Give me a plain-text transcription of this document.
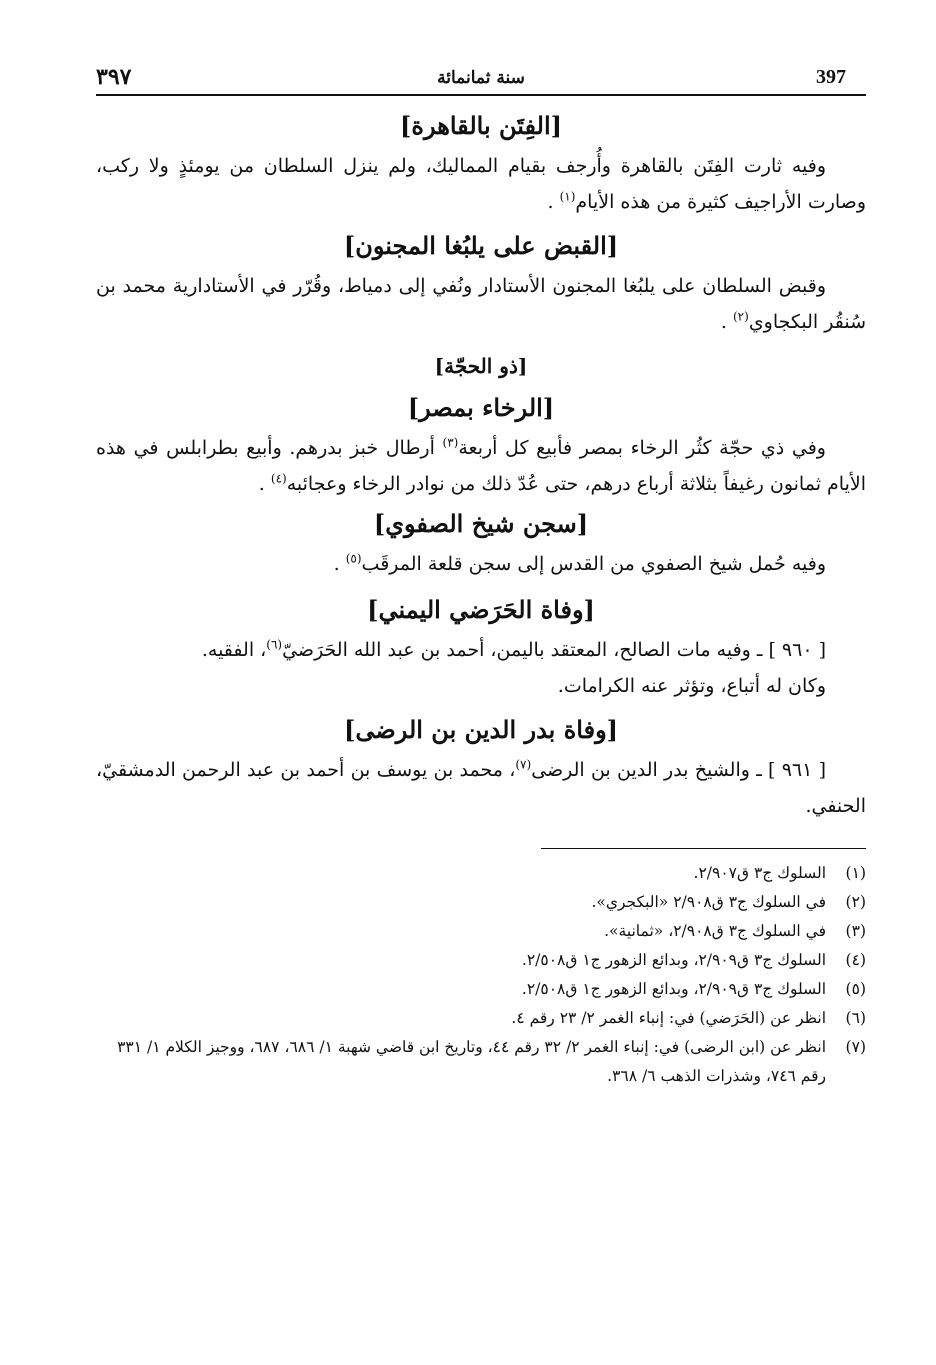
397
سنة ثمانمائة
٣٩٧
[الفِتَن بالقاهرة]

وفيه ثارت الفِتَن بالقاهرة وأُرجف بقيام المماليك، ولم ينزل السلطان من يومئذٍ ولا ركب، وصارت الأراجيف كثيرة من هذه الأيام$^{(١)}$ .

[القبض على يلبُغا المجنون]

وقبض السلطان على يلبُغا المجنون الأستادار ونُفي إلى دمياط، وقُرّر في الأستادارية محمد بن سُنقُر البكجاوي$^{(٢)}$ .

[ذو الحجّة]
[الرخاء بمصر]

وفي ذي حجّة كثُر الرخاء بمصر فأبيع كل أربعة$^{(٣)}$ أرطال خبز بدرهم. وأبيع بطرابلس في هذه الأيام ثمانون رغيفاً بثلاثة أرباع درهم، حتى عُدّ ذلك من نوادر الرخاء وعجائبه$^{(٤)}$ .

[سجن شيخ الصفوي]

وفيه حُمل شيخ الصفوي من القدس إلى سجن قلعة المرقَب$^{(٥)}$ .

[وفاة الحَرَضي اليمني]

[ ٩٦٠ ] ـ وفيه مات الصالح، المعتقد باليمن، أحمد بن عبد الله الحَرَضيّ$^{(٦)}$، الفقيه.

وكان له أتباع، وتؤثر عنه الكرامات.

[وفاة بدر الدين بن الرضى]

[ ٩٦١ ] ـ والشيخ بدر الدين بن الرضى$^{(٧)}$، محمد بن يوسف بن أحمد بن عبد الرحمن الدمشقيّ، الحنفي.

(١)
السلوك ج٣ ق٢/٩٠٧.
(٢)
في السلوك ج٣ ق٢/٩٠٨ «البكجري».
(٣)
في السلوك ج٣ ق٢/٩٠٨، «ثمانية».
(٤)
السلوك ج٣ ق٢/٩٠٩، وبدائع الزهور ج١ ق٢/٥٠٨.
(٥)
السلوك ج٣ ق٢/٩٠٩، وبدائع الزهور ج١ ق٢/٥٠٨.
(٦)
انظر عن (الحَرَضي) في: إنباء الغمر ٢/ ٢٣ رقم ٤.
(٧)
انظر عن (ابن الرضى) في: إنباء الغمر ٢/ ٣٢ رقم ٤٤، وتاريخ ابن قاضي شهبة ١/ ٦٨٦، ٦٨٧، ووجيز الكلام ١/ ٣٣١ رقم ٧٤٦، وشذرات الذهب ٦/ ٣٦٨.
